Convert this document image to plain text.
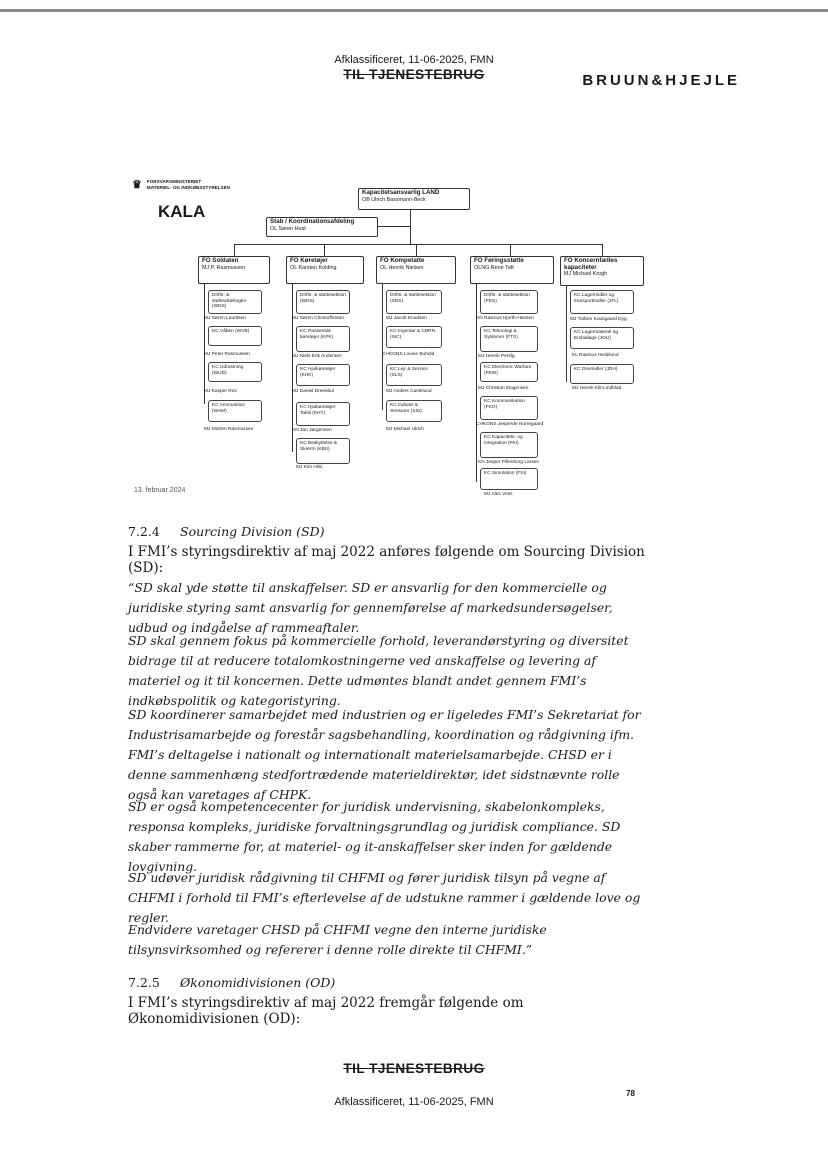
Afklassificeret, 11-06-2025, FMN
TIL TJENESTEBRUG	BRUUN&HJEJLE
♛ FORSVARSMINISTERIET
MATERIEL- OG INDKØBSSTYRELSEN
KALA
Kapacitetsansvarlig LAND
OB Ulrich Bassmann-Beck
Stab / Koordinationsafdeling
OL Søren Hust
FO Soldaten
MJ P. Rasmussen
FO Køretøjer
OL Karsten Kolding
FO Kompetatte
OL Henrik Nielsen
FO Føringsstøtte
OLNG René Taft
FO Koncernfælles kapaciteter
MJ Michael Krogh
Drifts- & støtteafdelingen (WDS)
MJ Søren Lauritsen
KC Våben (WVB)
MJ Peter Rasmussen
KC Udrustning (WUD)
MJ Kasper Ros
KC Ammunition (WAM)
MJ Morten Rasmussen
Drifts- & støttesektion (WDS)
MJ Søren Christoffersen
KC Panserede køretøjer (KPK)
MJ Niels Erik Andersen
KC Hjulkøretøjer (KHK)
MJ Daniel Dreesbul
KC Hjulkøretøjer Taktil (KHT)
KN Jan Jørgensen
KC Beskyttelse & Skærm (KBS)
MJ Kim Hilsi
Drifts- & støttesektion (SDS)
MJ Jacob Knudsen
KC Ingeniør & CBRN (SIC)
CHKONS Louise Buhold
KC Lejr & Service (SLS)
MJ Anders Carsklund
KC Indsats & Sensorer (SIS)
MJ Michael Ulrich
Drifts- & støttesektion (FDS)
KN Rasmus Hjorth-Hansen
KC Teknologi & Systemer (FTS)
MJ Henrik Perslg
KC Electronic Warfare (FEW)
MJ Christian Mogensen
KC Kommunikation (FKO)
CHKONS Jesperde Norregaard
KC Kapacitets- og Integration (FKI)
KN Jesper Pillenborg Larsen
KC Simulation (FSI)
MJ Alex Voss
KC Lagermidler og transportmidler (JFL)
MJ Torben Kousgaard Dyg
KC Lagermateriel og Emballage (JOU)
KL Rasmus Hedelund
KC Drivmidler (JDH)
MJ Henrik Klit-Lindblad
13. februar 2024
7.2.4 Sourcing Division (SD)
I FMI’s styringsdirektiv af maj 2022 anføres følgende om Sourcing Division (SD):
“SD skal yde støtte til anskaffelser. SD er ansvarlig for den kommercielle og juridiske styring samt ansvarlig for gennemførelse af markedsundersøgelser, udbud og indgåelse af rammeaftaler.
SD skal gennem fokus på kommercielle forhold, leverandørstyring og diversitet bidrage til at reducere totalomkostningerne ved anskaffelse og levering af materiel og it til koncernen. Dette udmøntes blandt andet gennem FMI’s indkøbspolitik og kategoristyring.
SD koordinerer samarbejdet med industrien og er ligeledes FMI’s Sekretariat for Industrisamarbejde og forestår sagsbehandling, koordination og rådgivning ifm. FMI’s deltagelse i nationalt og internationalt materielsamarbejde. CHSD er i denne sammenhæng stedfortrædende materieldirektør, idet sidstnævnte rolle også kan varetages af CHPK.
SD er også kompetencecenter for juridisk undervisning, skabelonkompleks, responsa kompleks, juridiske forvaltningsgrundlag og juridisk compliance. SD skaber rammerne for, at materiel- og it-anskaffelser sker inden for gældende lovgivning.
SD udøver juridisk rådgivning til CHFMI og fører juridisk tilsyn på vegne af CHFMI i forhold til FMI’s efterlevelse af de udstukne rammer i gældende love og regler.
Endvidere varetager CHSD på CHFMI vegne den interne juridiske tilsynsvirksomhed og refererer i denne rolle direkte til CHFMI.”
7.2.5 Økonomidivisionen (OD)
I FMI’s styringsdirektiv af maj 2022 fremgår følgende om Økonomidivisionen (OD):
TIL TJENESTEBRUG
78
Afklassificeret, 11-06-2025, FMN
